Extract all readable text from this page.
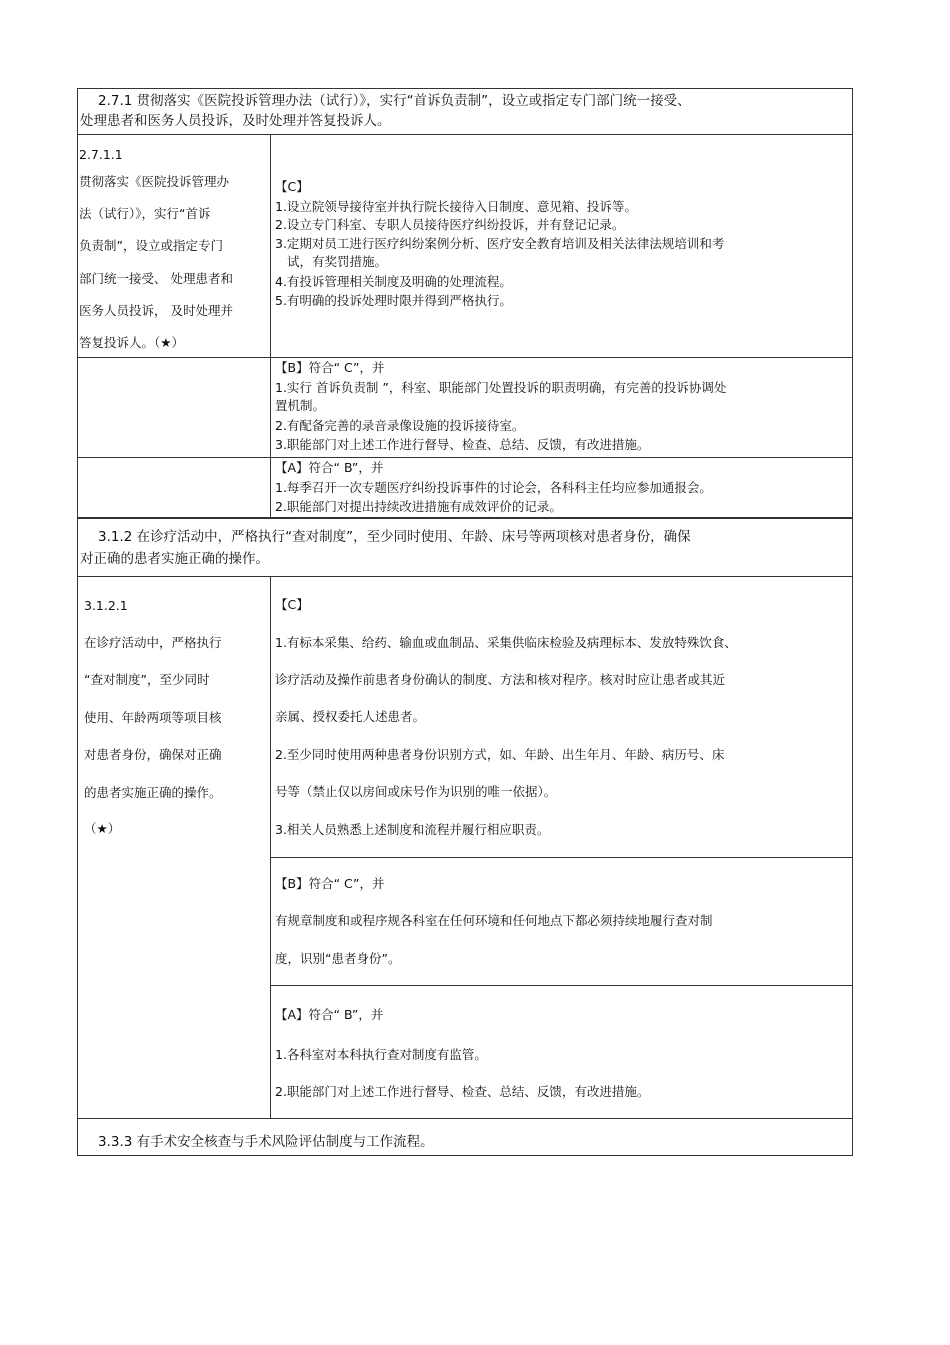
2.7.1 贯彻落实《医院投诉管理办法（试行）》，实行“首诉负责制”，设立或指定专门部门统一接受、
处理患者和医务人员投诉，及时处理并答复投诉人。
2.7.1.1
贯彻落实《医院投诉管理办
法（试行）》，实行“首诉
负责制”，设立或指定专门
部门统一接受、 处理患者和
医务人员投诉， 及时处理并
答复投诉人。（★）
【C】
1.设立院领导接待室并执行院长接待入日制度、意见箱、投诉等。
2.设立专门科室、专职人员接待医疗纠纷投诉，并有登记记录。
3.定期对员工进行医疗纠纷案例分析、医疗安全教育培训及相关法律法规培训和考
试，有奖罚措施。
4.有投诉管理相关制度及明确的处理流程。
5.有明确的投诉处理时限并得到严格执行。
【B】符合“ C”，并
1.实行 首诉负责制 ”，科室、职能部门处置投诉的职责明确，有完善的投诉协调处
置机制。
2.有配备完善的录音录像设施的投诉接待室。
3.职能部门对上述工作进行督导、检查、总结、反馈，有改进措施。
【A】符合“ B”，并
1.每季召开一次专题医疗纠纷投诉事件的讨论会，各科科主任均应参加通报会。
2.职能部门对提出持续改进措施有成效评价的记录。
3.1.2 在诊疗活动中，严格执行“查对制度”，至少同时使用、年龄、床号等两项核对患者身份，确保
对正确的患者实施正确的操作。
3.1.2.1
在诊疗活动中，严格执行
“查对制度”，至少同时
使用、年龄两项等项目核
对患者身份，确保对正确
的患者实施正确的操作。
（★）
【C】
1.有标本采集、给药、输血或血制品、采集供临床检验及病理标本、发放特殊饮食、
诊疗活动及操作前患者身份确认的制度、方法和核对程序。核对时应让患者或其近
亲属、授权委托人述患者。
2.至少同时使用两种患者身份识别方式，如、年龄、出生年月、年龄、病历号、床
号等（禁止仅以房间或床号作为识别的唯一依据）。
3.相关人员熟悉上述制度和流程并履行相应职责。
【B】符合“ C”，并
有规章制度和或程序规各科室在任何环境和任何地点下都必须持续地履行查对制
度，识别“患者身份”。
【A】符合“ B”，并
1.各科室对本科执行查对制度有监管。
2.职能部门对上述工作进行督导、检查、总结、反馈，有改进措施。
3.3.3 有手术安全核查与手术风险评估制度与工作流程。
